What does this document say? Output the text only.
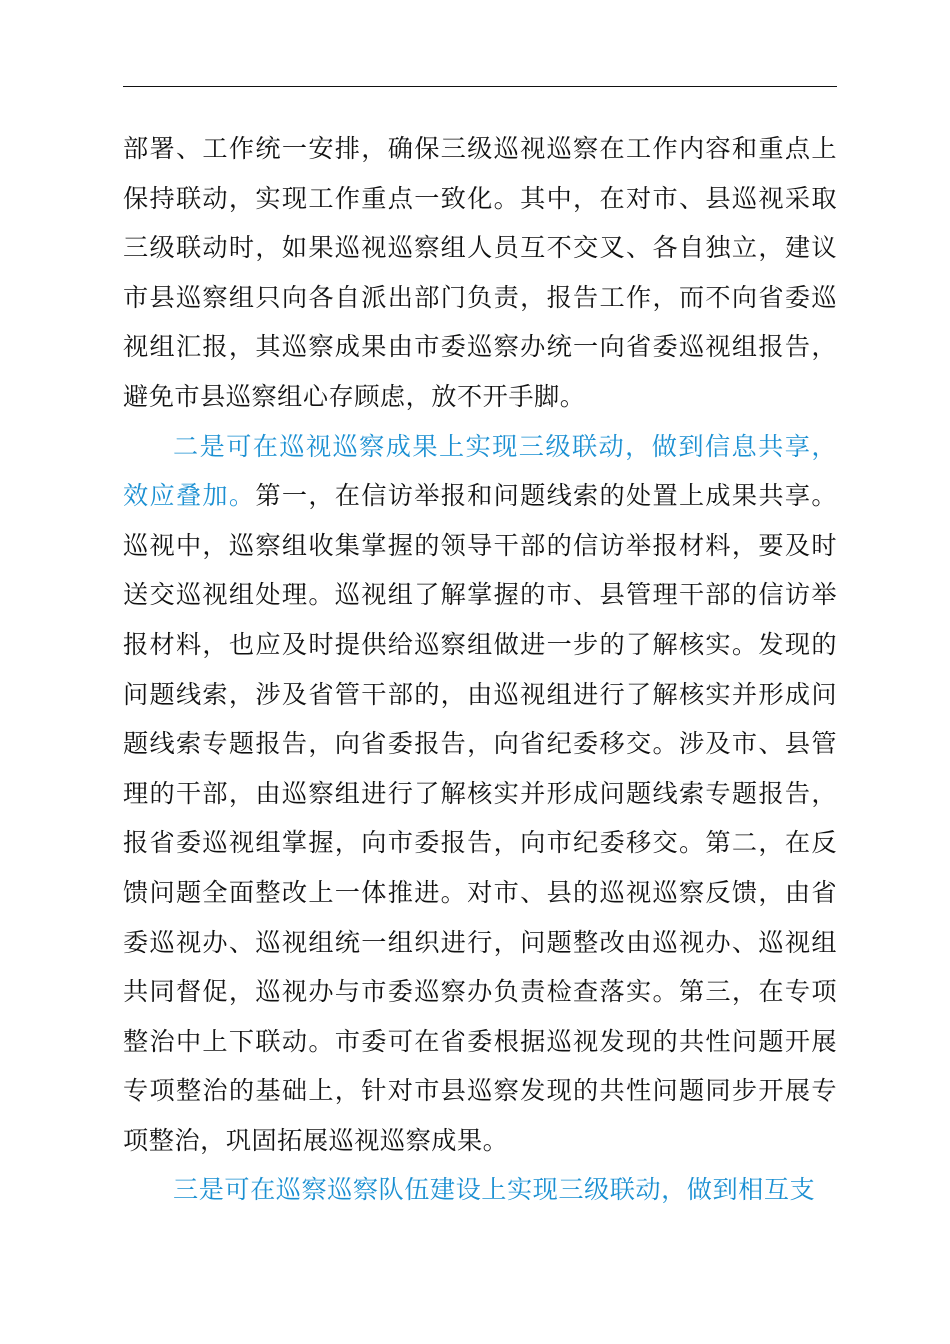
部署、工作统一安排，确保三级巡视巡察在工作内容和重点上保持联动，实现工作重点一致化。其中，在对市、县巡视采取三级联动时，如果巡视巡察组人员互不交叉、各自独立，建议市县巡察组只向各自派出部门负责，报告工作，而不向省委巡视组汇报，其巡察成果由市委巡察办统一向省委巡视组报告，避免市县巡察组心存顾虑，放不开手脚。

二是可在巡视巡察成果上实现三级联动，做到信息共享，效应叠加。第一，在信访举报和问题线索的处置上成果共享。巡视中，巡察组收集掌握的领导干部的信访举报材料，要及时送交巡视组处理。巡视组了解掌握的市、县管理干部的信访举报材料，也应及时提供给巡察组做进一步的了解核实。发现的问题线索，涉及省管干部的，由巡视组进行了解核实并形成问题线索专题报告，向省委报告，向省纪委移交。涉及市、县管理的干部，由巡察组进行了解核实并形成问题线索专题报告，报省委巡视组掌握，向市委报告，向市纪委移交。第二，在反馈问题全面整改上一体推进。对市、县的巡视巡察反馈，由省委巡视办、巡视组统一组织进行，问题整改由巡视办、巡视组共同督促，巡视办与市委巡察办负责检查落实。第三，在专项整治中上下联动。市委可在省委根据巡视发现的共性问题开展专项整治的基础上，针对市县巡察发现的共性问题同步开展专项整治，巩固拓展巡视巡察成果。

三是可在巡察巡察队伍建设上实现三级联动，做到相互支
